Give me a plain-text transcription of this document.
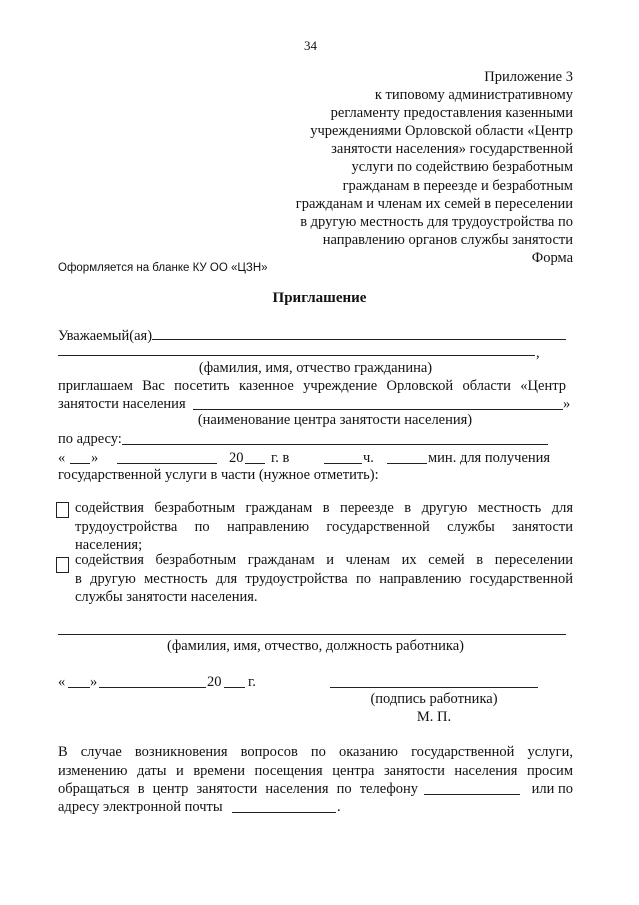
34
Приложение 3
к типовому административному
регламенту предоставления казенными
учреждениями Орловской области «Центр
занятости населения» государственной
услуги по содействию безработным
гражданам в переезде и безработным
гражданам и членам их семей в переселении
в другую местность для трудоустройства по
направлению органов службы занятости
Форма
Оформляется на бланке КУ ОО «ЦЗН»
Приглашение
Уважаемый(ая)
,
(фамилия, имя, отчество гражданина)
приглашаем Вас посетить казенное учреждение Орловской области «Центр
занятости населения	»
(наименование центра занятости населения)
по адресу:
« »	20 г. в	ч.	мин. для получения
государственной услуги в части (нужное отметить):
содействия безработным гражданам в переезде в другую местность для
трудоустройства по направлению государственной службы занятости
населения;
содействия безработным гражданам и членам их семей в переселении
в другую местность для трудоустройства по направлению государственной
службы занятости населения.
(фамилия, имя, отчество, должность работника)
« »	20 г.
(подпись работника)
М. П.
В случае возникновения вопросов по оказанию государственной услуги,
изменению даты и времени посещения центра занятости населения просим
обращаться в центр занятости населения по телефону	или по
адресу электронной почты	.
